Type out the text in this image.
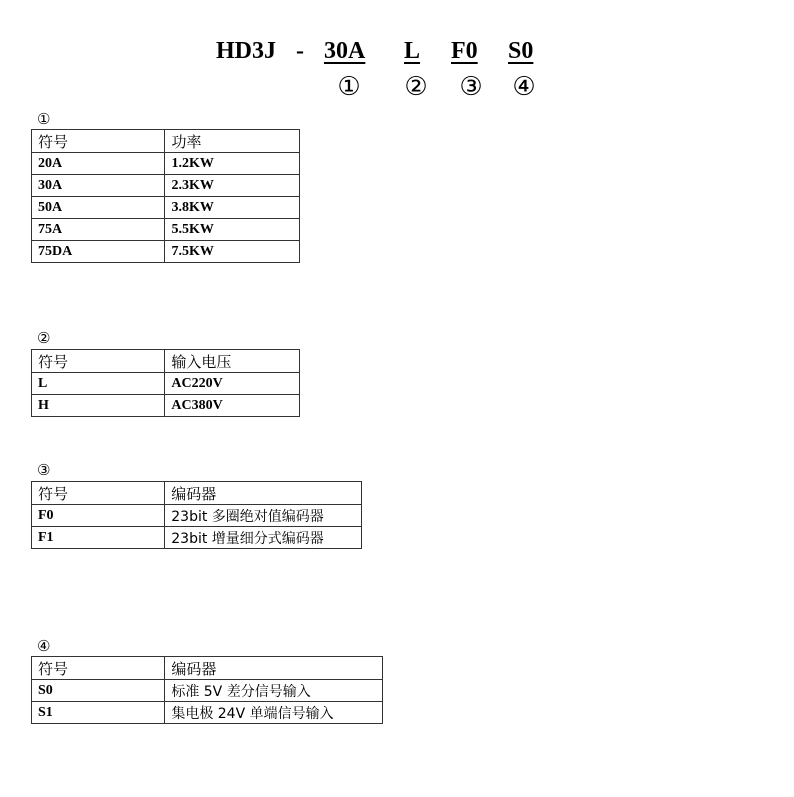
HD3J - 30A L F0 S0
① ② ③ ④
①
符号	功率
20A	1.2KW
30A	2.3KW
50A	3.8KW
75A	5.5KW
75DA	7.5KW
②
符号	输入电压
L	AC220V
H	AC380V
③
符号	编码器
F0	23bit 多圈绝对值编码器
F1	23bit 增量细分式编码器
④
符号	编码器
S0	标准 5V 差分信号输入
S1	集电极 24V 单端信号输入
